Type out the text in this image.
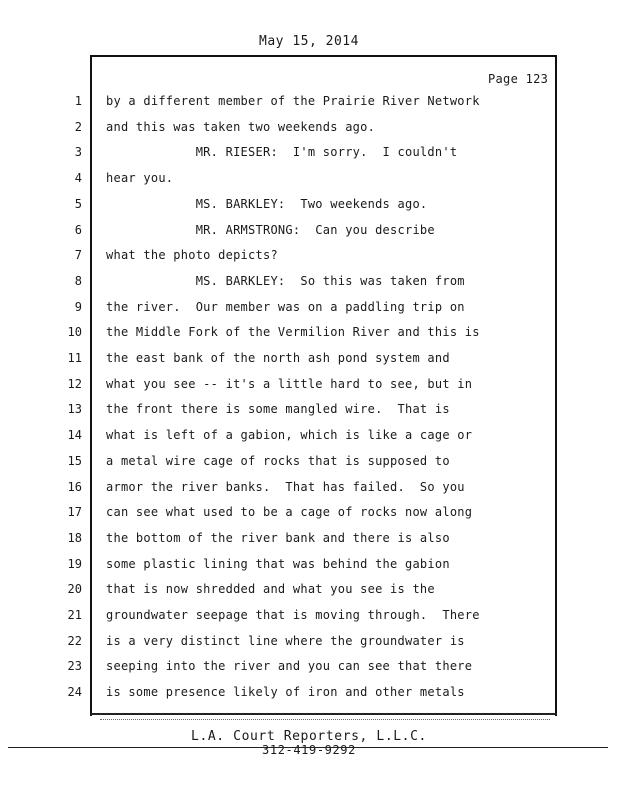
May 15, 2014
Page 123
1 by a different member of the Prairie River Network
2 and this was taken two weekends ago.
3 MR. RIESER:  I'm sorry.  I couldn't
4 hear you.
5 MS. BARKLEY:  Two weekends ago.
6 MR. ARMSTRONG:  Can you describe
7 what the photo depicts?
8 MS. BARKLEY:  So this was taken from
9 the river.  Our member was on a paddling trip on
10 the Middle Fork of the Vermilion River and this is
11 the east bank of the north ash pond system and
12 what you see -- it's a little hard to see, but in
13 the front there is some mangled wire.  That is
14 what is left of a gabion, which is like a cage or
15 a metal wire cage of rocks that is supposed to
16 armor the river banks.  That has failed.  So you
17 can see what used to be a cage of rocks now along
18 the bottom of the river bank and there is also
19 some plastic lining that was behind the gabion
20 that is now shredded and what you see is the
21 groundwater seepage that is moving through.  There
22 is a very distinct line where the groundwater is
23 seeping into the river and you can see that there
24 is some presence likely of iron and other metals
L.A. Court Reporters, L.L.C.
312-419-9292
